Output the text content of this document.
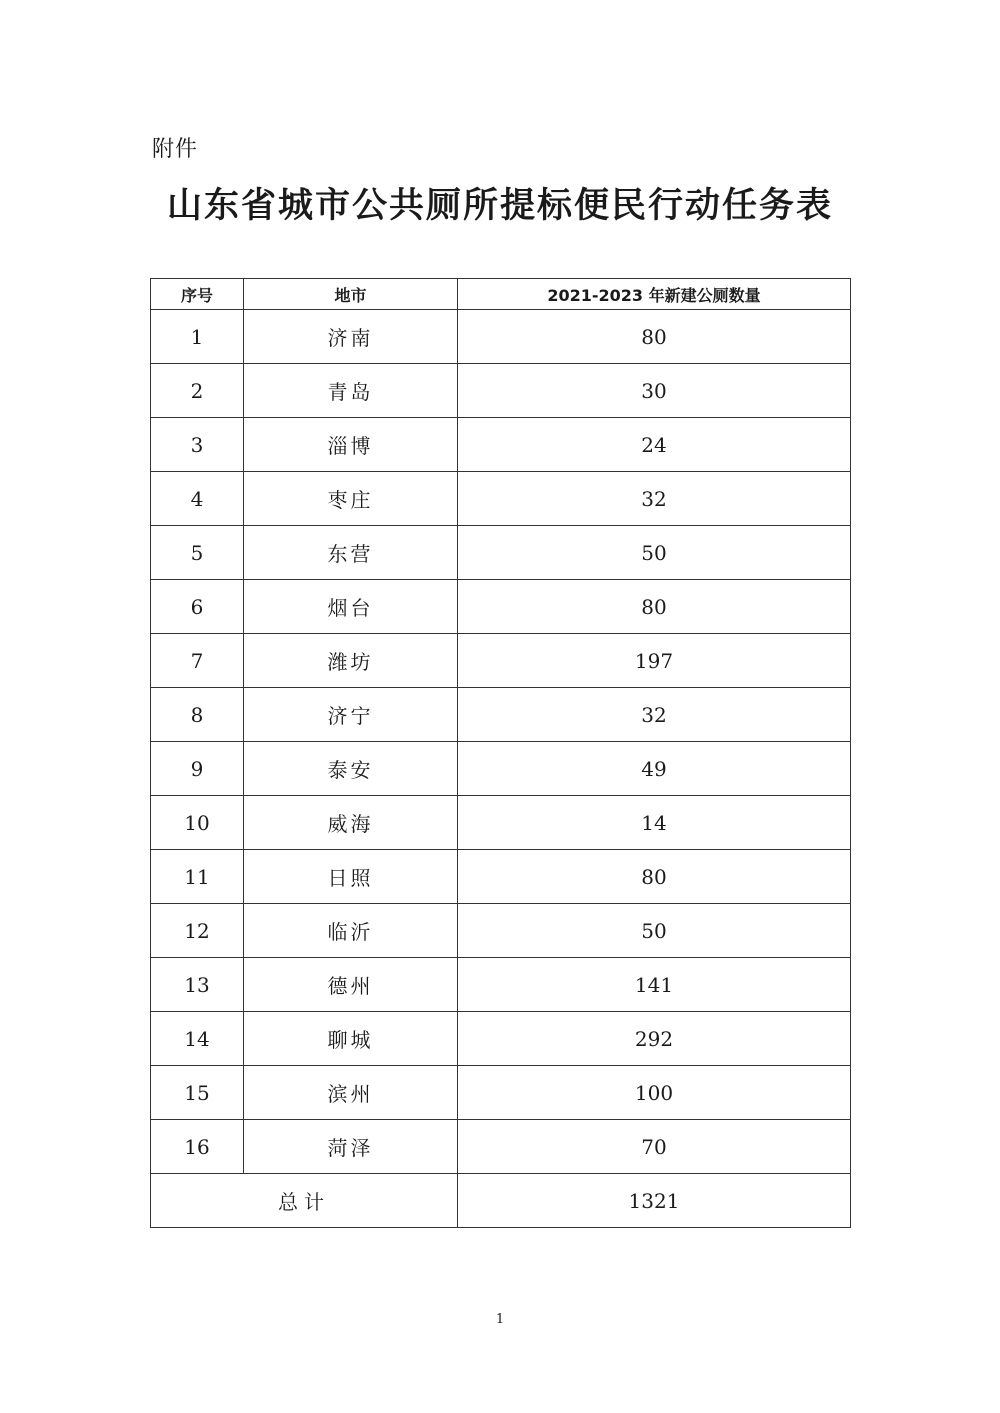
附件
山东省城市公共厕所提标便民行动任务表
序号	地市	2021-2023 年新建公厕数量
1	济南	80
2	青岛	30
3	淄博	24
4	枣庄	32
5	东营	50
6	烟台	80
7	潍坊	197
8	济宁	32
9	泰安	49
10	威海	14
11	日照	80
12	临沂	50
13	德州	141
14	聊城	292
15	滨州	100
16	菏泽	70
总计		1321
1
